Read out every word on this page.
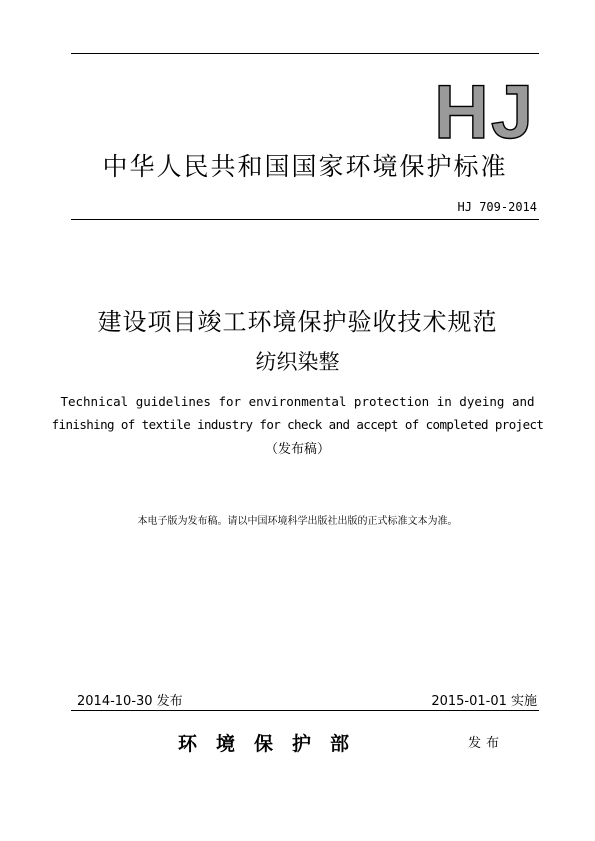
HJ
中华人民共和国国家环境保护标准
HJ 709-2014
建设项目竣工环境保护验收技术规范
纺织染整
Technical guidelines for environmental protection in dyeing and
finishing of textile industry for check and accept of completed project
（发布稿）
本电子版为发布稿。请以中国环境科学出版社出版的正式标准文本为准。
2014-10-30 发布	2015-01-01 实施
环境保护部	发布
